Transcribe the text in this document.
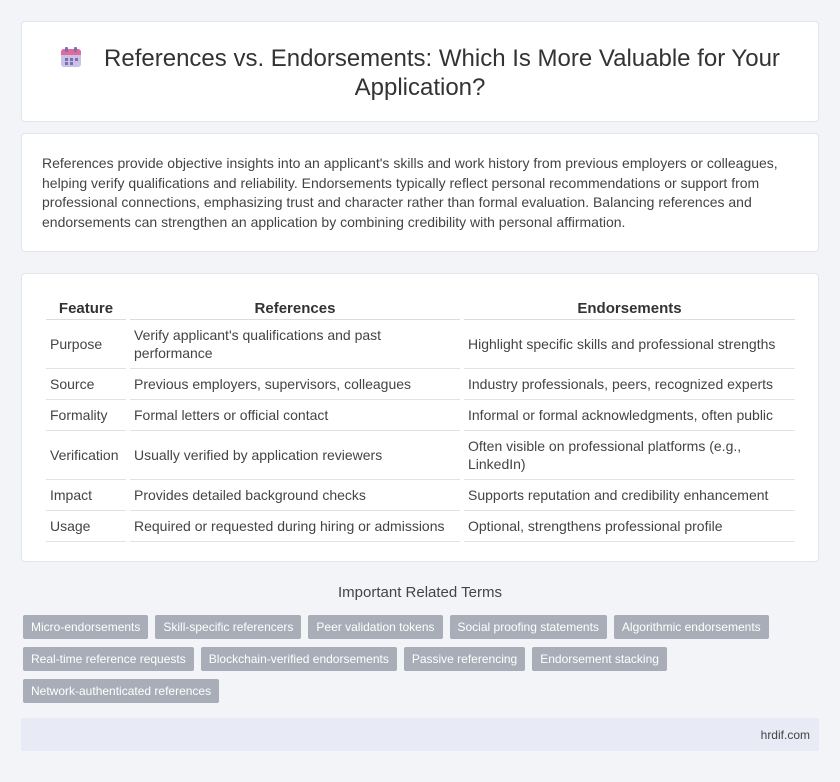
References vs. Endorsements: Which Is More Valuable for Your Application?

References provide objective insights into an applicant's skills and work history from previous employers or colleagues, helping verify qualifications and reliability. Endorsements typically reflect personal recommendations or support from professional connections, emphasizing trust and character rather than formal evaluation. Balancing references and endorsements can strengthen an application by combining credibility with personal affirmation.

Feature	References	Endorsements
Purpose	Verify applicant's qualifications and past performance	Highlight specific skills and professional strengths
Source	Previous employers, supervisors, colleagues	Industry professionals, peers, recognized experts
Formality	Formal letters or official contact	Informal or formal acknowledgments, often public
Verification	Usually verified by application reviewers	Often visible on professional platforms (e.g., LinkedIn)
Impact	Provides detailed background checks	Supports reputation and credibility enhancement
Usage	Required or requested during hiring or admissions	Optional, strengthens professional profile
Important Related Terms
Micro-endorsements	Skill-specific referencers	Peer validation tokens	Social proofing statements	Algorithmic endorsements
Real-time reference requests	Blockchain-verified endorsements	Passive referencing	Endorsement stacking
Network-authenticated references
hrdif.com
